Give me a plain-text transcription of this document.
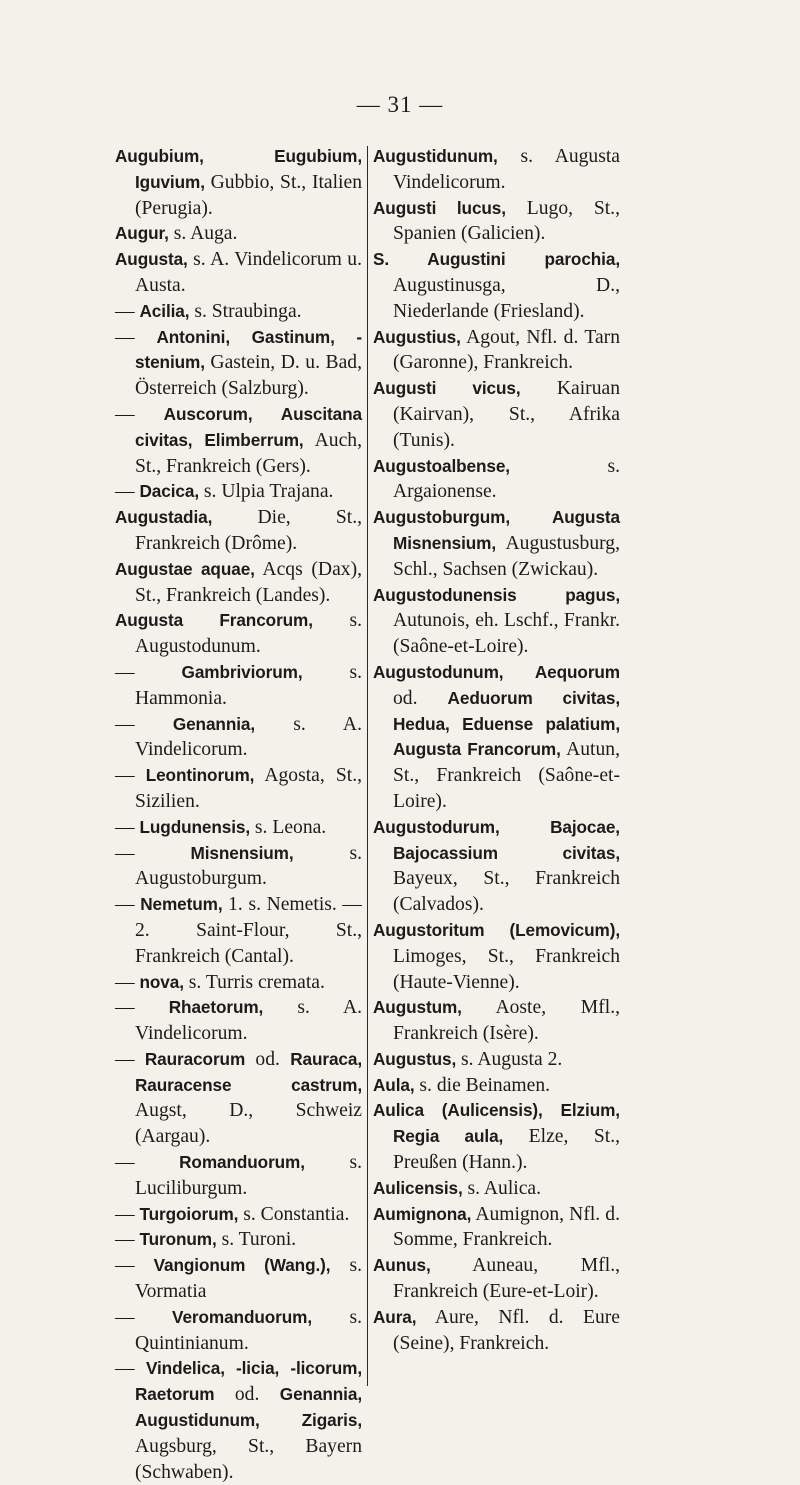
— 31 —

Augubium, Eugubium, Iguvium, Gubbio, St., Italien (Perugia).

Augur, s. Auga.

Augusta, s. A. Vindelicorum u. Austa.

— Acilia, s. Straubinga.

— Antonini, Gastinum, -stenium, Gastein, D. u. Bad, Österreich (Salzburg).

— Auscorum, Auscitana civitas, Elimberrum, Auch, St., Frankreich (Gers).

— Dacica, s. Ulpia Trajana.

Augustadia, Die, St., Frankreich (Drôme).

Augustae aquae, Acqs (Dax), St., Frankreich (Landes).

Augusta Francorum, s. Augustodunum.

— Gambriviorum, s. Hammonia.

— Genannia, s. A. Vindelicorum.

— Leontinorum, Agosta, St., Sizilien.

— Lugdunensis, s. Leona.

— Misnensium, s. Augustoburgum.

— Nemetum, 1. s. Nemetis. — 2. Saint-Flour, St., Frankreich (Cantal).

— nova, s. Turris cremata.

— Rhaetorum, s. A. Vindelicorum.

— Rauracorum od. Rauraca, Rauracense castrum, Augst, D., Schweiz (Aargau).

— Romanduorum, s. Luciliburgum.

— Turgoiorum, s. Constantia.

— Turonum, s. Turoni.

— Vangionum (Wang.), s. Vormatia

— Veromanduorum, s. Quintinianum.

— Vindelica, -licia, -licorum, Raetorum od. Genannia, Augustidunum, Zigaris, Augsburg, St., Bayern (Schwaben).

Augustidunum, s. Augusta Vindelicorum.

Augusti lucus, Lugo, St., Spanien (Galicien).

S. Augustini parochia, Augustinusga, D., Niederlande (Friesland).

Augustius, Agout, Nfl. d. Tarn (Garonne), Frankreich.

Augusti vicus, Kairuan (Kairvan), St., Afrika (Tunis).

Augustoalbense, s. Argaionense.

Augustoburgum, Augusta Misnensium, Augustusburg, Schl., Sachsen (Zwickau).

Augustodunensis pagus, Autunois, eh. Lschf., Frankr. (Saône-et-Loire).

Augustodunum, Aequorum od. Aeduorum civitas, Hedua, Eduense palatium, Augusta Francorum, Autun, St., Frankreich (Saône-et-Loire).

Augustodurum, Bajocae, Bajocassium civitas, Bayeux, St., Frankreich (Calvados).

Augustoritum (Lemovicum), Limoges, St., Frankreich (Haute-Vienne).

Augustum, Aoste, Mfl., Frankreich (Isère).

Augustus, s. Augusta 2.

Aula, s. die Beinamen.

Aulica (Aulicensis), Elzium, Regia aula, Elze, St., Preußen (Hann.).

Aulicensis, s. Aulica.

Aumignona, Aumignon, Nfl. d. Somme, Frankreich.

Aunus, Auneau, Mfl., Frankreich (Eure-et-Loir).

Aura, Aure, Nfl. d. Eure (Seine), Frankreich.
